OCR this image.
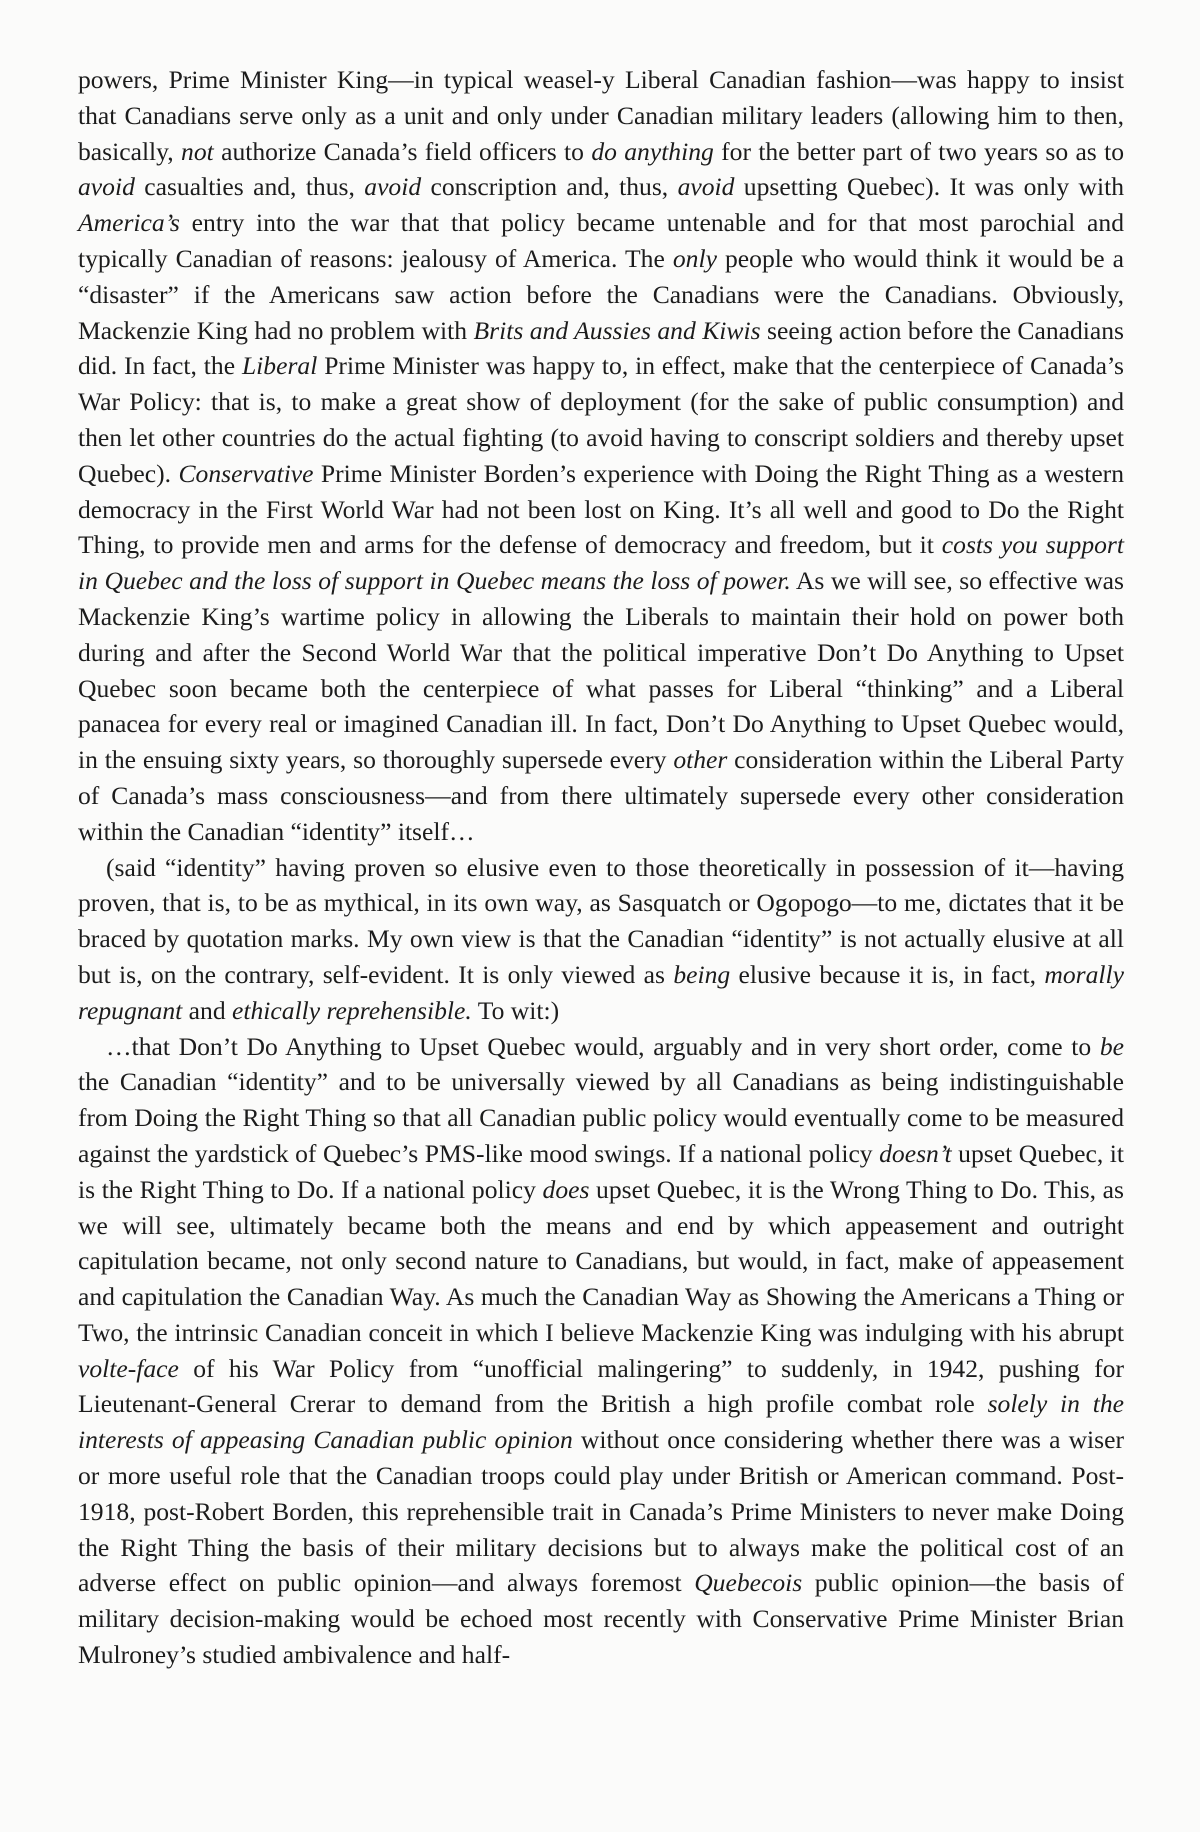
powers, Prime Minister King—in typical weasel-y Liberal Canadian fashion—was happy to insist that Canadians serve only as a unit and only under Canadian military leaders (allowing him to then, basically, not authorize Canada’s field officers to do anything for the better part of two years so as to avoid casualties and, thus, avoid conscription and, thus, avoid upsetting Quebec). It was only with America’s entry into the war that that policy became untenable and for that most parochial and typically Canadian of reasons: jealousy of America. The only people who would think it would be a “disaster” if the Americans saw action before the Canadians were the Canadians. Obviously, Mackenzie King had no problem with Brits and Aussies and Kiwis seeing action before the Canadians did. In fact, the Liberal Prime Minister was happy to, in effect, make that the centerpiece of Canada’s War Policy: that is, to make a great show of deployment (for the sake of public consumption) and then let other countries do the actual fighting (to avoid having to conscript soldiers and thereby upset Quebec). Conservative Prime Minister Borden’s experience with Doing the Right Thing as a western democracy in the First World War had not been lost on King. It’s all well and good to Do the Right Thing, to provide men and arms for the defense of democracy and freedom, but it costs you support in Quebec and the loss of support in Quebec means the loss of power. As we will see, so effective was Mackenzie King’s wartime policy in allowing the Liberals to maintain their hold on power both during and after the Second World War that the political imperative Don’t Do Anything to Upset Quebec soon became both the centerpiece of what passes for Liberal “thinking” and a Liberal panacea for every real or imagined Canadian ill. In fact, Don’t Do Anything to Upset Quebec would, in the ensuing sixty years, so thoroughly supersede every other consideration within the Liberal Party of Canada’s mass consciousness—and from there ultimately supersede every other consideration within the Canadian “identity” itself…

(said “identity” having proven so elusive even to those theoretically in possession of it—having proven, that is, to be as mythical, in its own way, as Sasquatch or Ogopogo—to me, dictates that it be braced by quotation marks. My own view is that the Canadian “identity” is not actually elusive at all but is, on the contrary, self-evident. It is only viewed as being elusive because it is, in fact, morally repugnant and ethically reprehensible. To wit:)

…that Don’t Do Anything to Upset Quebec would, arguably and in very short order, come to be the Canadian “identity” and to be universally viewed by all Canadians as being indistinguishable from Doing the Right Thing so that all Canadian public policy would eventually come to be measured against the yardstick of Quebec’s PMS-like mood swings. If a national policy doesn’t upset Quebec, it is the Right Thing to Do. If a national policy does upset Quebec, it is the Wrong Thing to Do. This, as we will see, ultimately became both the means and end by which appeasement and outright capitulation became, not only second nature to Canadians, but would, in fact, make of appeasement and capitulation the Canadian Way. As much the Canadian Way as Showing the Americans a Thing or Two, the intrinsic Canadian conceit in which I believe Mackenzie King was indulging with his abrupt volte-face of his War Policy from “unofficial malingering” to suddenly, in 1942, pushing for Lieutenant-General Crerar to demand from the British a high profile combat role solely in the interests of appeasing Canadian public opinion without once considering whether there was a wiser or more useful role that the Canadian troops could play under British or American command. Post-1918, post-Robert Borden, this reprehensible trait in Canada’s Prime Ministers to never make Doing the Right Thing the basis of their military decisions but to always make the political cost of an adverse effect on public opinion—and always foremost Quebecois public opinion—the basis of military decision-making would be echoed most recently with Conservative Prime Minister Brian Mulroney’s studied ambivalence and half-
